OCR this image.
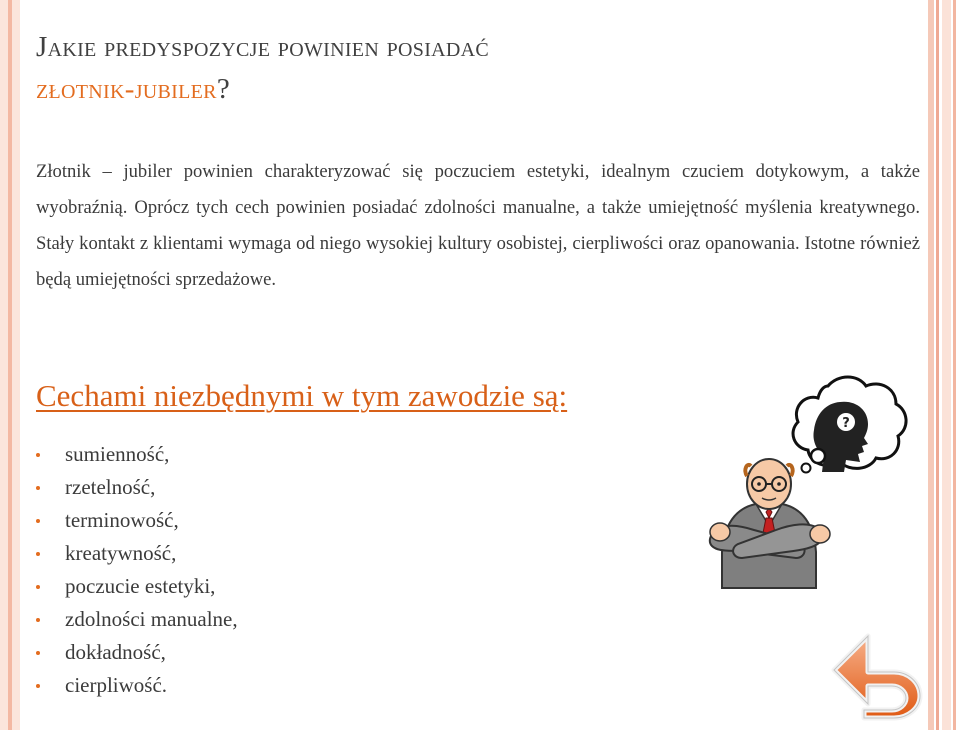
Jakie predyspozycje powinien posiadać
złotnik-jubiler?

Złotnik – jubiler powinien charakteryzować się poczuciem estetyki, idealnym czuciem dotykowym, a także wyobraźnią. Oprócz tych cech powinien posiadać zdolności manualne, a także umiejętność myślenia kreatywnego. Stały kontakt z klientami wymaga od niego wysokiej kultury osobistej, cierpliwości oraz opanowania. Istotne również będą umiejętności sprzedażowe.

Cechami niezbędnymi w tym zawodzie są:
sumienność,
rzetelność,
terminowość,
kreatywność,
poczucie estetyki,
zdolności manualne,
dokładność,
cierpliwość.
?
